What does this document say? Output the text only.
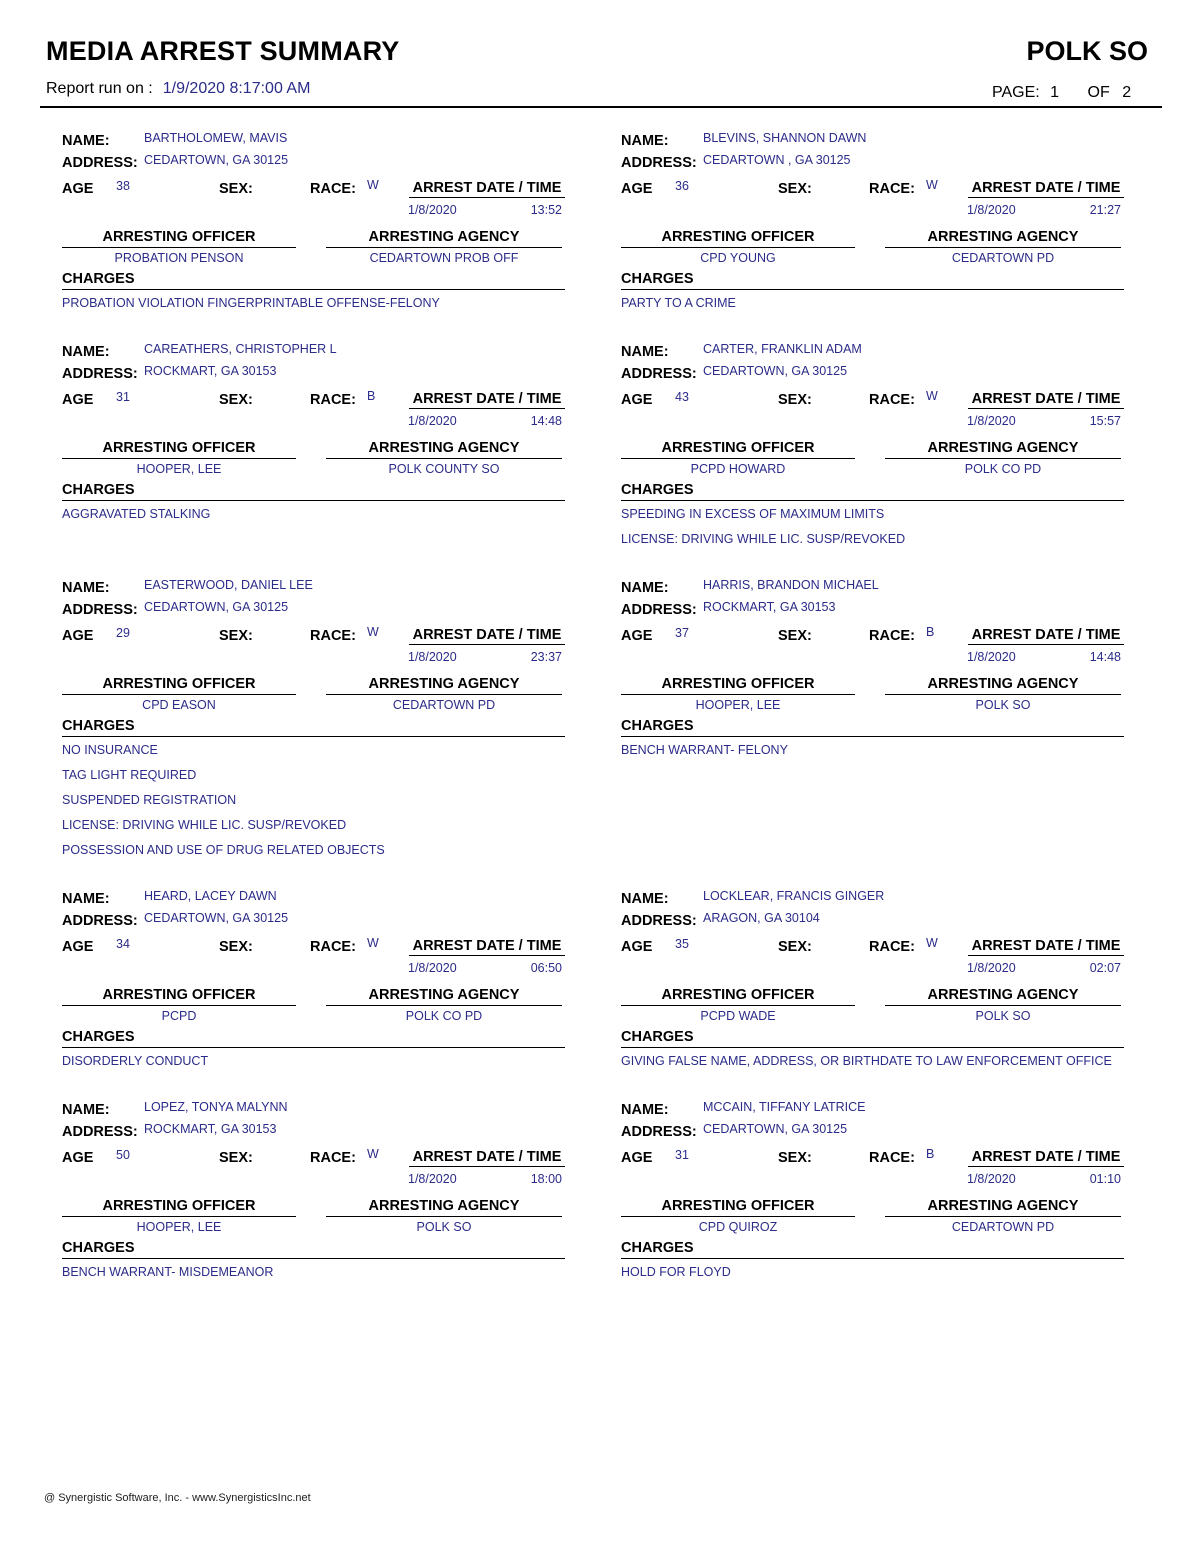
MEDIA ARREST SUMMARY	POLK SO
Report run on : 1/9/2020 8:17:00 AM	PAGE: 1 OF 2
NAME:	BARTHOLOMEW, MAVIS
ADDRESS: CEDARTOWN, GA 30125
AGE 38	SEX:	RACE: W ARREST DATE / TIME
1/8/2020	13:52
ARRESTING OFFICER
PROBATION PENSON
ARRESTING AGENCY
CEDARTOWN PROB OFF
CHARGES
PROBATION VIOLATION FINGERPRINTABLE OFFENSE-FELONY
NAME:	BLEVINS, SHANNON DAWN
ADDRESS: CEDARTOWN , GA 30125
AGE 36	SEX:	RACE: W ARREST DATE / TIME
1/8/2020	21:27
ARRESTING OFFICER
CPD YOUNG
ARRESTING AGENCY
CEDARTOWN PD
CHARGES
PARTY TO A CRIME
NAME:	CAREATHERS, CHRISTOPHER L
ADDRESS: ROCKMART, GA 30153
AGE 31	SEX:	RACE: B	ARREST DATE / TIME
1/8/2020	14:48
ARRESTING OFFICER
HOOPER, LEE
ARRESTING AGENCY
POLK COUNTY SO
CHARGES
AGGRAVATED STALKING
NAME:	CARTER, FRANKLIN ADAM
ADDRESS: CEDARTOWN, GA 30125
AGE 43	SEX:	RACE: W ARREST DATE / TIME
1/8/2020	15:57
ARRESTING OFFICER
PCPD HOWARD
ARRESTING AGENCY
POLK CO PD
CHARGES
SPEEDING IN EXCESS OF MAXIMUM LIMITS
LICENSE: DRIVING WHILE LIC. SUSP/REVOKED
NAME:	EASTERWOOD, DANIEL LEE
ADDRESS: CEDARTOWN, GA 30125
AGE 29	SEX:	RACE: W ARREST DATE / TIME
1/8/2020	23:37
ARRESTING OFFICER
CPD EASON
ARRESTING AGENCY
CEDARTOWN PD
CHARGES
NO INSURANCE
TAG LIGHT REQUIRED
SUSPENDED REGISTRATION
LICENSE: DRIVING WHILE LIC. SUSP/REVOKED
POSSESSION AND USE OF DRUG RELATED OBJECTS
NAME:	HARRIS, BRANDON MICHAEL
ADDRESS: ROCKMART, GA 30153
AGE 37	SEX:	RACE: B	ARREST DATE / TIME
1/8/2020	14:48
ARRESTING OFFICER
HOOPER, LEE
ARRESTING AGENCY
POLK SO
CHARGES
BENCH WARRANT- FELONY
NAME:	HEARD, LACEY DAWN
ADDRESS: CEDARTOWN, GA 30125
AGE 34	SEX:	RACE: W ARREST DATE / TIME
1/8/2020	06:50
ARRESTING OFFICER
PCPD
ARRESTING AGENCY
POLK CO PD
CHARGES
DISORDERLY CONDUCT
NAME:	LOCKLEAR, FRANCIS GINGER
ADDRESS: ARAGON, GA 30104
AGE 35	SEX:	RACE: W ARREST DATE / TIME
1/8/2020	02:07
ARRESTING OFFICER
PCPD WADE
ARRESTING AGENCY
POLK SO
CHARGES
GIVING FALSE NAME, ADDRESS, OR BIRTHDATE TO LAW ENFORCEMENT OFFICE
NAME:	LOPEZ, TONYA MALYNN
ADDRESS: ROCKMART, GA 30153
AGE 50	SEX:	RACE: W ARREST DATE / TIME
1/8/2020	18:00
ARRESTING OFFICER
HOOPER, LEE
ARRESTING AGENCY
POLK SO
CHARGES
BENCH WARRANT- MISDEMEANOR
NAME:	MCCAIN, TIFFANY LATRICE
ADDRESS: CEDARTOWN, GA 30125
AGE 31	SEX:	RACE: B	ARREST DATE / TIME
1/8/2020	01:10
ARRESTING OFFICER
CPD QUIROZ
ARRESTING AGENCY
CEDARTOWN PD
CHARGES
HOLD FOR FLOYD
@ Synergistic Software, Inc. - www.SynergisticsInc.net
